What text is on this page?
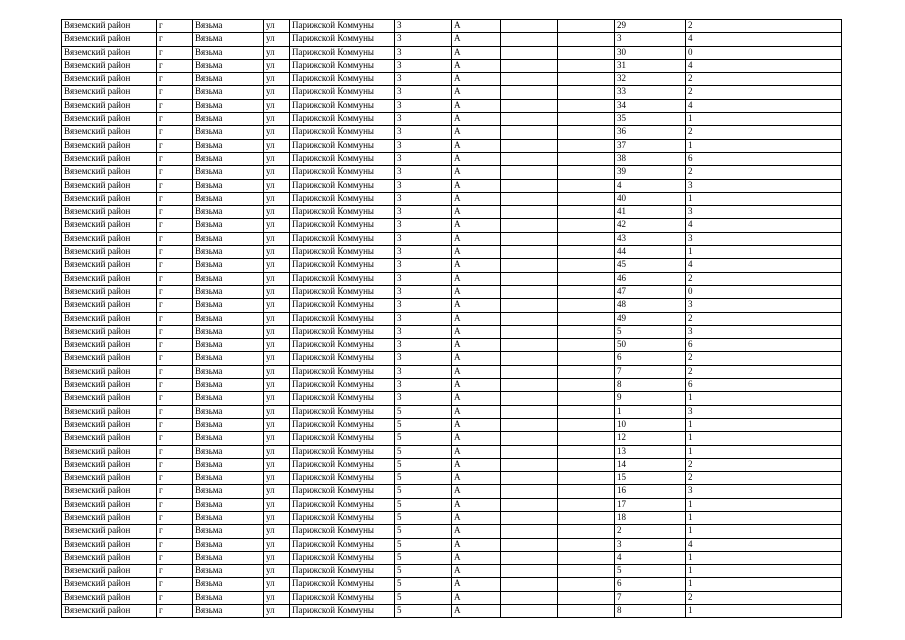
Вяземский район	г	Вязьма	ул	Парижской Коммуны	3	А			29	2
Вяземский район	г	Вязьма	ул	Парижской Коммуны	3	А			3	4
Вяземский район	г	Вязьма	ул	Парижской Коммуны	3	А			30	0
Вяземский район	г	Вязьма	ул	Парижской Коммуны	3	А			31	4
Вяземский район	г	Вязьма	ул	Парижской Коммуны	3	А			32	2
Вяземский район	г	Вязьма	ул	Парижской Коммуны	3	А			33	2
Вяземский район	г	Вязьма	ул	Парижской Коммуны	3	А			34	4
Вяземский район	г	Вязьма	ул	Парижской Коммуны	3	А			35	1
Вяземский район	г	Вязьма	ул	Парижской Коммуны	3	А			36	2
Вяземский район	г	Вязьма	ул	Парижской Коммуны	3	А			37	1
Вяземский район	г	Вязьма	ул	Парижской Коммуны	3	А			38	6
Вяземский район	г	Вязьма	ул	Парижской Коммуны	3	А			39	2
Вяземский район	г	Вязьма	ул	Парижской Коммуны	3	А			4	3
Вяземский район	г	Вязьма	ул	Парижской Коммуны	3	А			40	1
Вяземский район	г	Вязьма	ул	Парижской Коммуны	3	А			41	3
Вяземский район	г	Вязьма	ул	Парижской Коммуны	3	А			42	4
Вяземский район	г	Вязьма	ул	Парижской Коммуны	3	А			43	3
Вяземский район	г	Вязьма	ул	Парижской Коммуны	3	А			44	1
Вяземский район	г	Вязьма	ул	Парижской Коммуны	3	А			45	4
Вяземский район	г	Вязьма	ул	Парижской Коммуны	3	А			46	2
Вяземский район	г	Вязьма	ул	Парижской Коммуны	3	А			47	0
Вяземский район	г	Вязьма	ул	Парижской Коммуны	3	А			48	3
Вяземский район	г	Вязьма	ул	Парижской Коммуны	3	А			49	2
Вяземский район	г	Вязьма	ул	Парижской Коммуны	3	А			5	3
Вяземский район	г	Вязьма	ул	Парижской Коммуны	3	А			50	6
Вяземский район	г	Вязьма	ул	Парижской Коммуны	3	А			6	2
Вяземский район	г	Вязьма	ул	Парижской Коммуны	3	А			7	2
Вяземский район	г	Вязьма	ул	Парижской Коммуны	3	А			8	6
Вяземский район	г	Вязьма	ул	Парижской Коммуны	3	А			9	1
Вяземский район	г	Вязьма	ул	Парижской Коммуны	5	А			1	3
Вяземский район	г	Вязьма	ул	Парижской Коммуны	5	А			10	1
Вяземский район	г	Вязьма	ул	Парижской Коммуны	5	А			12	1
Вяземский район	г	Вязьма	ул	Парижской Коммуны	5	А			13	1
Вяземский район	г	Вязьма	ул	Парижской Коммуны	5	А			14	2
Вяземский район	г	Вязьма	ул	Парижской Коммуны	5	А			15	2
Вяземский район	г	Вязьма	ул	Парижской Коммуны	5	А			16	3
Вяземский район	г	Вязьма	ул	Парижской Коммуны	5	А			17	1
Вяземский район	г	Вязьма	ул	Парижской Коммуны	5	А			18	1
Вяземский район	г	Вязьма	ул	Парижской Коммуны	5	А			2	1
Вяземский район	г	Вязьма	ул	Парижской Коммуны	5	А			3	4
Вяземский район	г	Вязьма	ул	Парижской Коммуны	5	А			4	1
Вяземский район	г	Вязьма	ул	Парижской Коммуны	5	А			5	1
Вяземский район	г	Вязьма	ул	Парижской Коммуны	5	А			6	1
Вяземский район	г	Вязьма	ул	Парижской Коммуны	5	А			7	2
Вяземский район	г	Вязьма	ул	Парижской Коммуны	5	А			8	1
